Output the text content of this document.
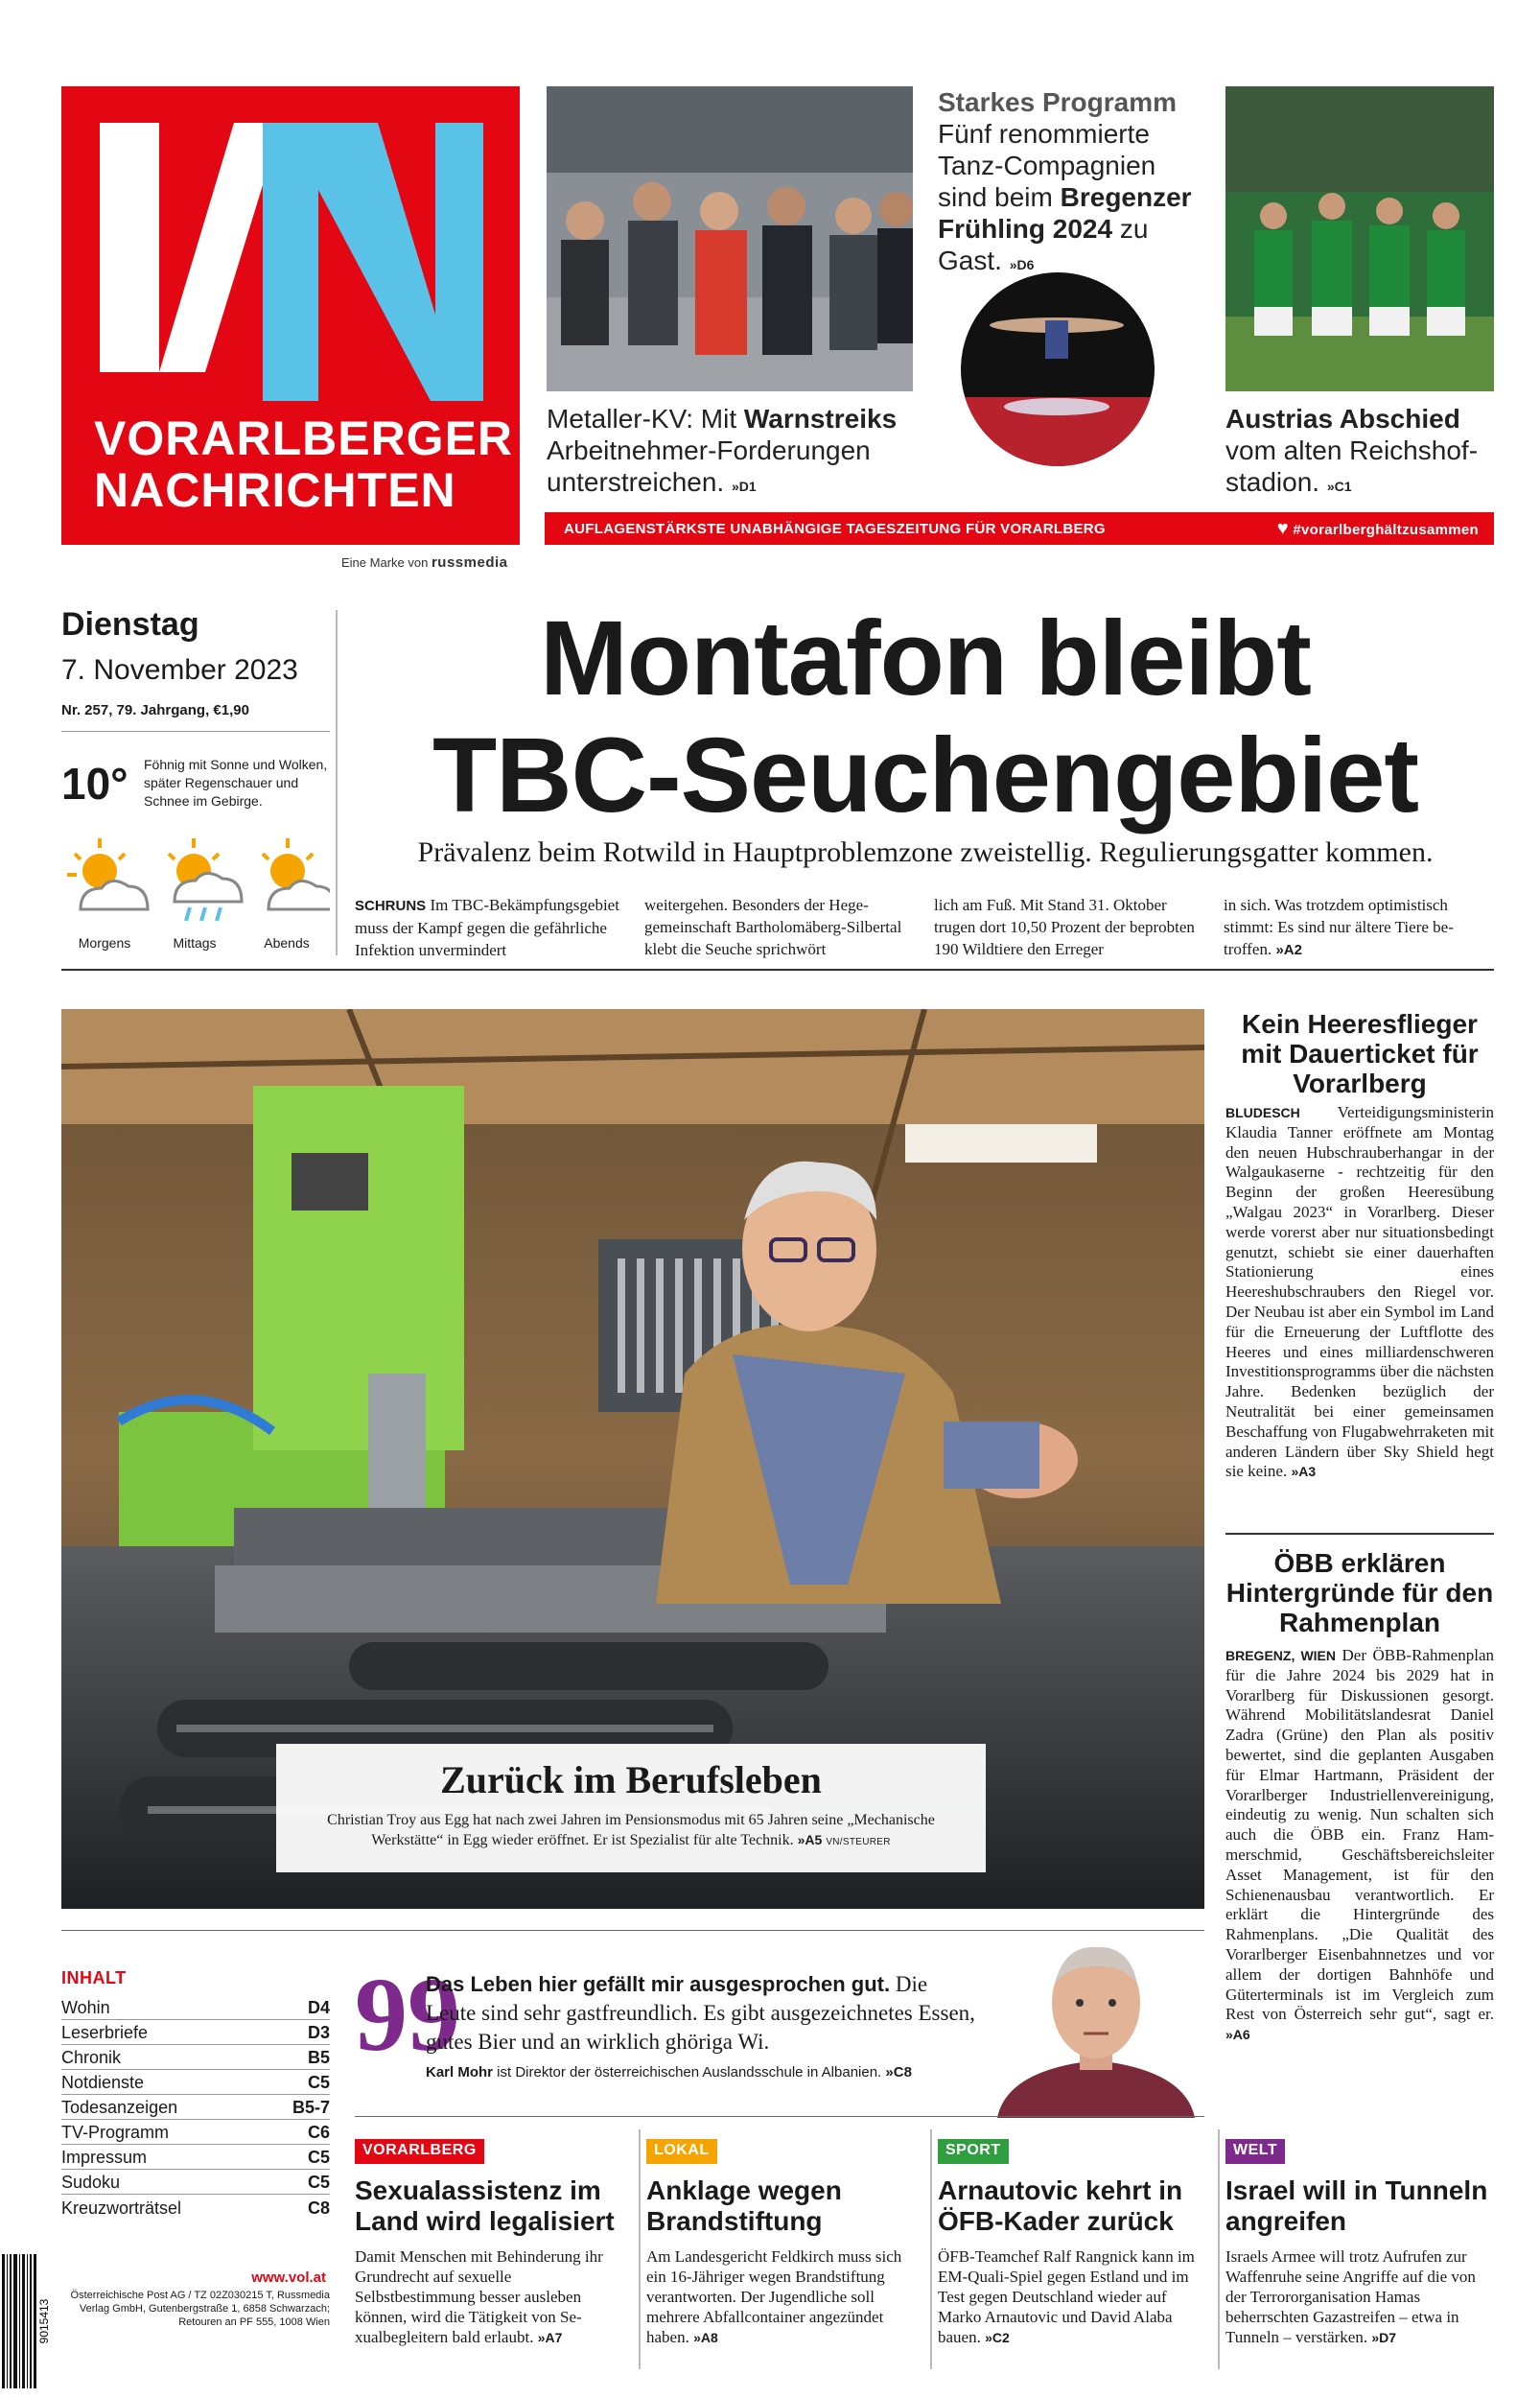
VORARLBERGER
NACHRICHTEN
Eine Marke von russmedia
Metaller-KV: Mit Warnstreiks Arbeitnehmer-Forderungen unterstreichen. »D1
Starkes Programm
Fünf renommierte Tanz-Compagnien sind beim Bregenzer Frühling 2024 zu Gast. »D6
Austrias Abschied vom alten Reichshofstadion. »C1
AUFLAGENSTÄRKSTE UNABHÄNGIGE TAGESZEITUNG FÜR VORARLBERG	♥ #vorarlberghältzusammen
Dienstag
7. November 2023
Nr. 257, 79. Jahrgang, €1,90
10° Föhnig mit Sonne und Wolken, später Regenschauer und Schnee im Gebirge.
Morgens	Mittags	Abends
Montafon bleibt
TBC-Seuchengebiet
Prävalenz beim Rotwild in Hauptproblemzone zweistellig. Regulierungsgatter kommen.
SCHRUNS Im TBC-Bekämpfungsgebiet muss der Kampf gegen die gefährliche Infektion unvermindert
weitergehen. Besonders der Hegegemeinschaft Bartholomäberg-Silbertal klebt die Seuche sprichwört
lich am Fuß. Mit Stand 31. Oktober trugen dort 10,50 Prozent der beprobten 190 Wildtiere den Erreger
in sich. Was trotzdem optimistisch stimmt: Es sind nur ältere Tiere betroffen. »A2
Zurück im Berufsleben

Christian Troy aus Egg hat nach zwei Jahren im Pensionsmodus mit 65 Jahren seine „Mechanische Werkstätte“ in Egg wieder eröffnet. Er ist Spezialist für alte Technik. »A5 VN/STEURER

Kein Heeresflieger mit Dauerticket für Vorarlberg
BLUDESCH Verteidigungsministerin Klaudia Tanner eröffnete am Montag den neuen Hubschrauberhangar in der Walgaukaserne - rechtzeitig für den Beginn der großen Heeresübung „Walgau 2023“ in Vorarlberg. Dieser werde vorerst aber nur situationsbedingt genutzt, schiebt sie einer dauerhaften Stationierung eines Heereshubschraubers den Riegel vor. Der Neubau ist aber ein Symbol im Land für die Erneuerung der Luftflotte des Heeres und eines milliardenschweren Investitionsprogramms über die nächsten Jahre. Bedenken bezüglich der Neutralität bei einer gemeinsamen Beschaffung von Flugabwehrraketen mit anderen Ländern über Sky Shield hegt sie keine. »A3
ÖBB erklären Hintergründe für den Rahmenplan
BREGENZ, WIEN Der ÖBB-Rahmenplan für die Jahre 2024 bis 2029 hat in Vorarlberg für Diskussionen gesorgt. Während Mobilitätslandesrat Daniel Zadra (Grüne) den Plan als positiv bewertet, sind die geplanten Ausgaben für Elmar Hartmann, Präsident der Vorarlberger Industriellenvereinigung, eindeutig zu wenig. Nun schalten sich auch die ÖBB ein. Franz Hammerschmid, Geschäftsbereichsleiter Asset Management, ist für den Schienenausbau verantwortlich. Er erklärt die Hintergründe des Rahmenplans. „Die Qualität des Vorarlberger Eisenbahnnetzes und vor allem der dortigen Bahnhöfe und Güterterminals ist im Vergleich zum Rest von Österreich sehr gut“, sagt er. »A6
INHALT
Wohin	D4
Leserbriefe	D3
Chronik	B5
Notdienste	C5
Todesanzeigen	B5-7
TV-Programm	C6
Impressum	C5
Sudoku	C5
Kreuzworträtsel	C8
99
Das Leben hier gefällt mir ausgesprochen gut. Die Leute sind sehr gastfreundlich. Es gibt ausgezeichnetes Essen, gutes Bier und an wirklich ghöriga Wi.
Karl Mohr ist Direktor der österreichischen Auslandsschule in Albanien. »C8
VORARLBERG
Sexualassistenz im Land wird legalisiert
Damit Menschen mit Behinderung ihr Grundrecht auf sexuelle Selbstbestimmung besser ausleben können, wird die Tätigkeit von Sexualbegleitern bald erlaubt. »A7
LOKAL
Anklage wegen Brandstiftung
Am Landesgericht Feldkirch muss sich ein 16-Jähriger wegen Brandstiftung verantworten. Der Jugendliche soll mehrere Abfallcontainer angezündet haben. »A8
SPORT
Arnautovic kehrt in ÖFB-Kader zurück
ÖFB-Teamchef Ralf Rangnick kann im EM-Quali-Spiel gegen Estland und im Test gegen Deutschland wieder auf Marko Arnautovic und David Alaba bauen. »C2
WELT
Israel will in Tunneln angreifen
Israels Armee will trotz Aufrufen zur Waffenruhe seine Angriffe auf die von der Terrororganisation Hamas beherrschten Gazastreifen – etwa in Tunneln – verstärken. »D7
www.vol.at
Österreichische Post AG / TZ 02Z030215 T, Russmedia Verlag GmbH, Gutenbergstraße 1, 6858 Schwarzach; Retouren an PF 555, 1008 Wien
9015413
